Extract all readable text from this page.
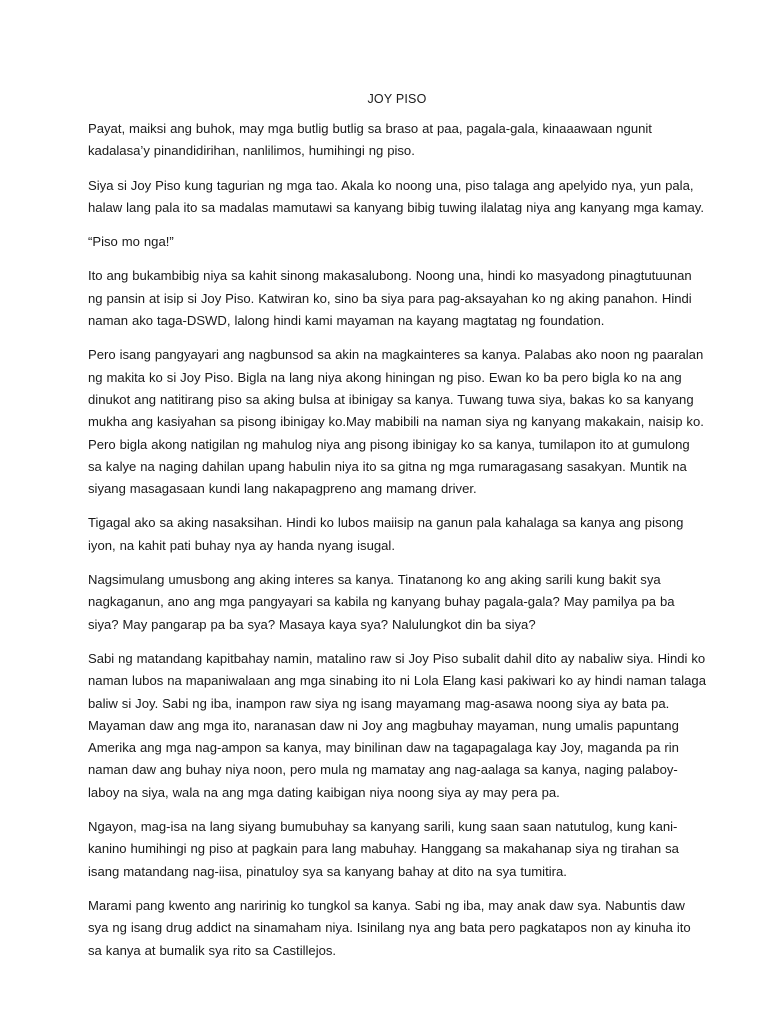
JOY PISO

Payat, maiksi ang buhok, may mga butlig butlig sa braso at paa, pagala-gala, kinaaawaan ngunit kadalasa’y pinandidirihan, nanlilimos, humihingi ng piso.

Siya si Joy Piso kung tagurian ng mga tao. Akala ko noong una, piso talaga ang apelyido nya, yun pala, halaw lang pala ito sa madalas mamutawi sa kanyang bibig tuwing ilalatag niya ang kanyang mga kamay.

“Piso mo nga!”

Ito ang bukambibig niya sa kahit sinong makasalubong. Noong una, hindi ko masyadong pinagtutuunan ng pansin at isip si Joy Piso. Katwiran ko, sino ba siya para pag-aksayahan ko ng aking panahon. Hindi naman ako taga-DSWD, lalong hindi kami mayaman na kayang magtatag ng foundation.

Pero isang pangyayari ang nagbunsod sa akin na magkainteres sa kanya. Palabas ako noon ng paaralan ng makita ko si Joy Piso. Bigla na lang niya akong hiningan ng piso. Ewan ko ba pero bigla ko na ang dinukot ang natitirang piso sa aking bulsa at ibinigay sa kanya. Tuwang tuwa siya, bakas ko sa kanyang mukha ang kasiyahan sa pisong ibinigay ko.May mabibili na naman siya ng kanyang makakain, naisip ko. Pero bigla akong natigilan ng mahulog niya ang pisong ibinigay ko sa kanya, tumilapon ito at gumulong sa kalye na naging dahilan upang habulin niya ito sa gitna ng mga rumaragasang sasakyan. Muntik na siyang masagasaan kundi lang nakapagpreno ang mamang driver.

Tigagal ako sa aking nasaksihan. Hindi ko lubos maiisip na ganun pala kahalaga sa kanya ang pisong iyon, na kahit pati buhay nya ay handa nyang isugal.

Nagsimulang umusbong ang aking interes sa kanya. Tinatanong ko ang aking sarili kung bakit sya nagkaganun, ano ang mga pangyayari sa kabila ng kanyang buhay pagala-gala? May pamilya pa ba siya? May pangarap pa ba sya? Masaya kaya sya? Nalulungkot din ba siya?

Sabi ng matandang kapitbahay namin, matalino raw si Joy Piso subalit dahil dito ay nabaliw siya. Hindi ko naman lubos na mapaniwalaan ang mga sinabing ito ni Lola Elang kasi pakiwari ko ay hindi naman talaga baliw si Joy. Sabi ng iba, inampon raw siya ng isang mayamang mag-asawa noong siya ay bata pa. Mayaman daw ang mga ito, naranasan daw ni Joy ang magbuhay mayaman, nung umalis papuntang Amerika ang mga nag-ampon sa kanya, may binilinan daw na tagapagalaga kay Joy, maganda pa rin naman daw ang buhay niya noon, pero mula ng mamatay ang nag-aalaga sa kanya, naging palaboy-laboy na siya, wala na ang mga dating kaibigan niya noong siya ay may pera pa.

Ngayon, mag-isa na lang siyang bumubuhay sa kanyang sarili, kung saan saan natutulog, kung kani-kanino humihingi ng piso at pagkain para lang mabuhay. Hanggang sa makahanap siya ng tirahan sa isang matandang nag-iisa, pinatuloy sya sa kanyang bahay at dito na sya tumitira.

Marami pang kwento ang naririnig ko tungkol sa kanya. Sabi ng iba, may anak daw sya. Nabuntis daw sya ng isang drug addict na sinamaham niya. Isinilang nya ang bata pero pagkatapos non ay kinuha ito sa kanya at bumalik sya rito sa Castillejos.
